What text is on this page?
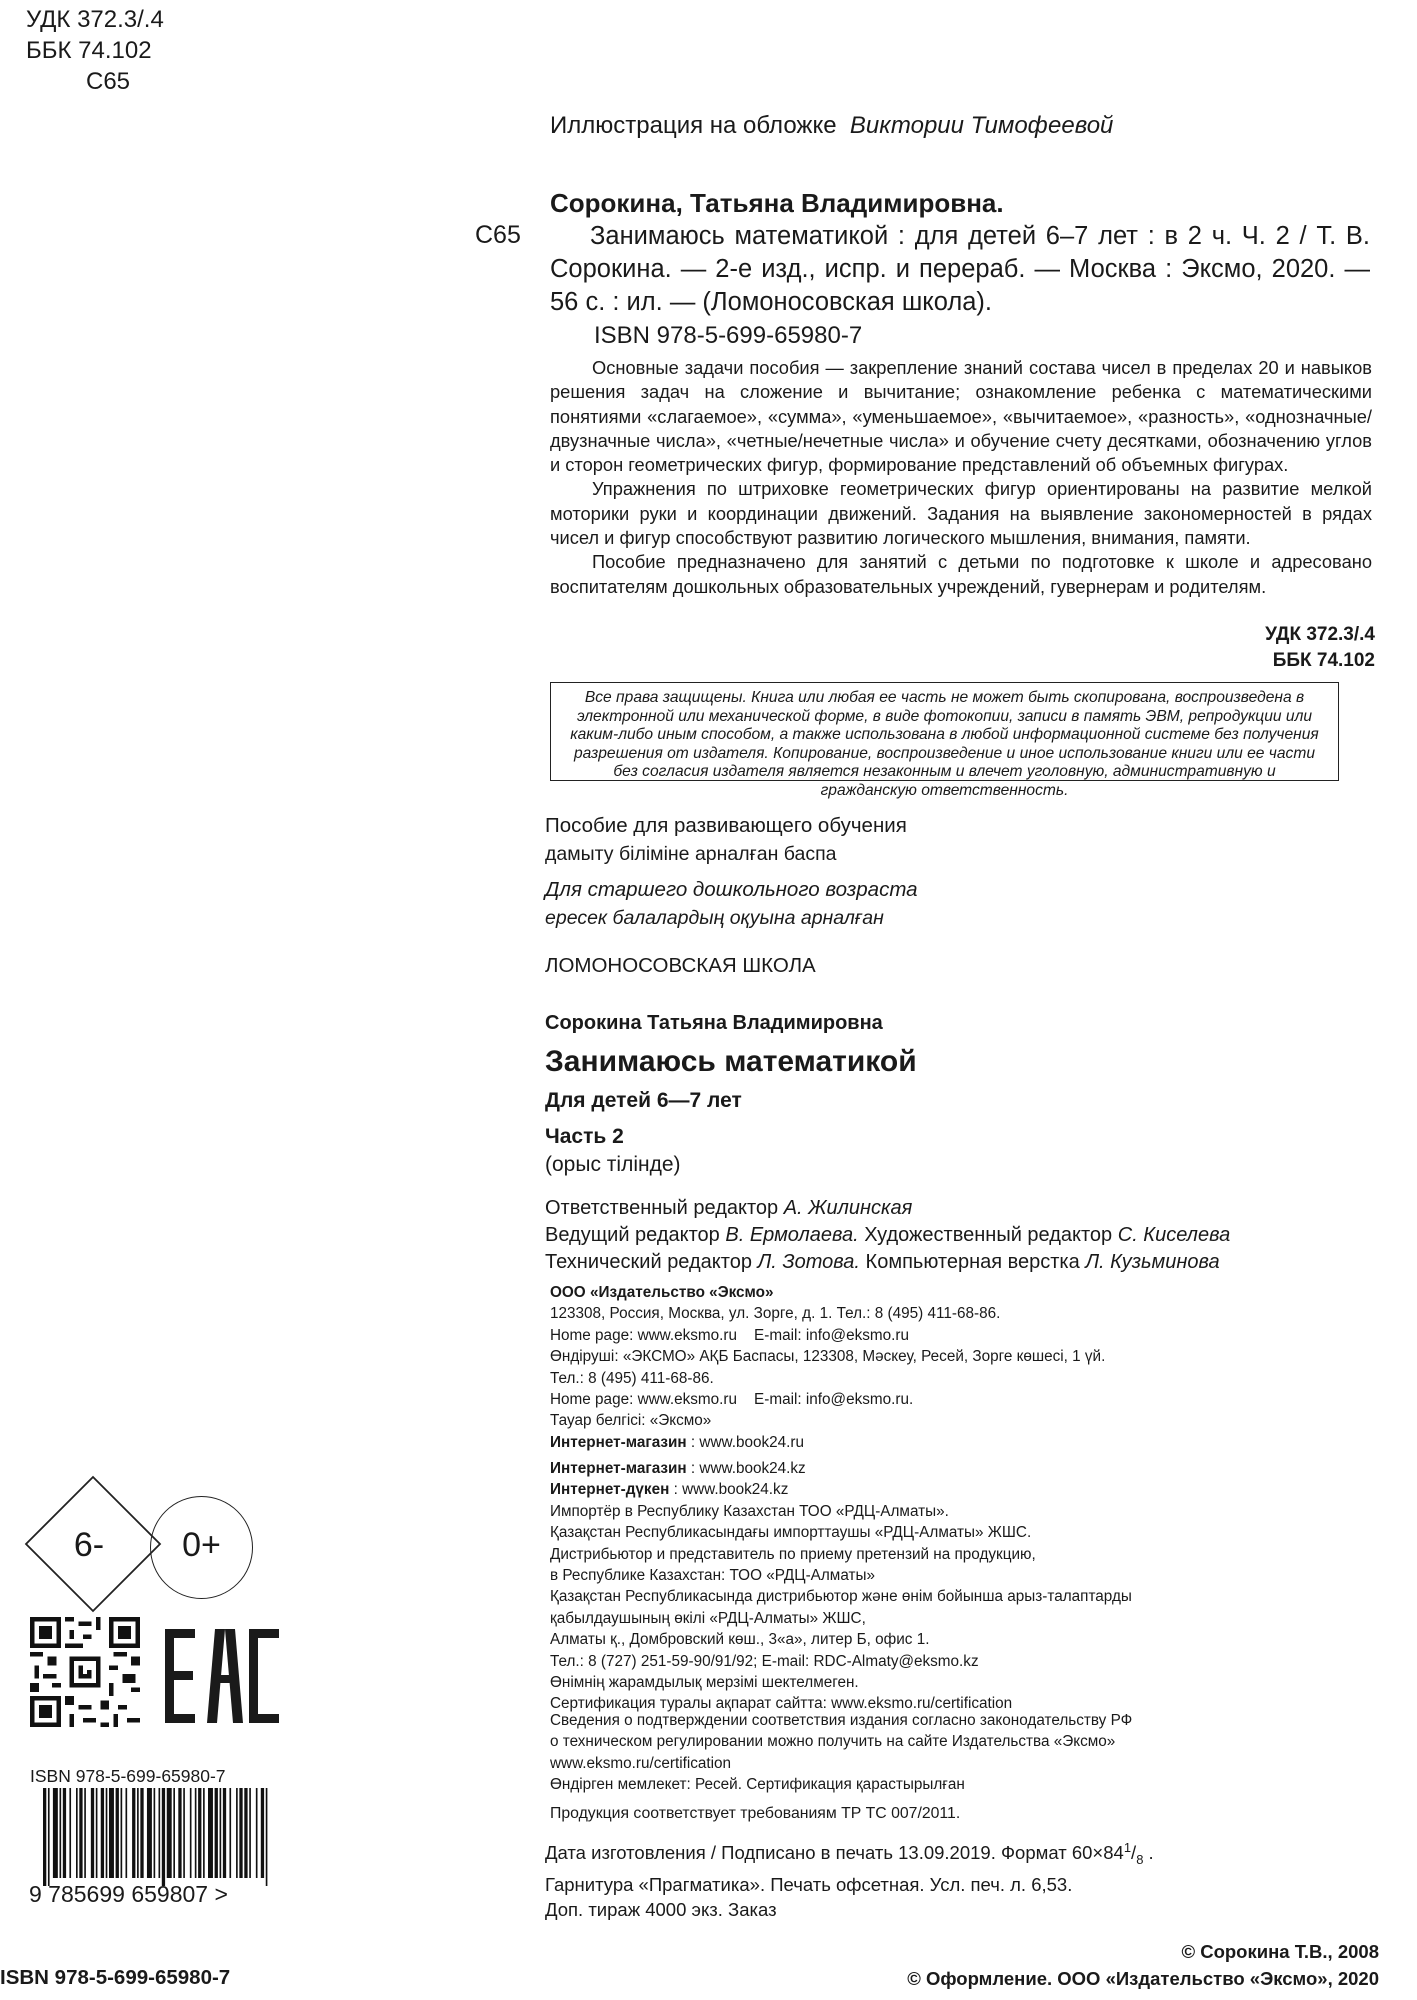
УДК 372.3/.4
ББК 74.102
С65
Иллюстрация на обложке Виктории Тимофеевой
Сорокина, Татьяна Владимировна.
С65	Занимаюсь математикой : для детей 6–7 лет : в 2 ч. Ч. 2 / Т. В. Сорокина. — 2-е изд., испр. и перераб. — Москва : Эксмо, 2020. — 56 с. : ил. — (Ломоносовская школа).
ISBN 978-5-699-65980-7

Основные задачи пособия — закрепление знаний состава чисел в пределах 20 и навыков решения задач на сложение и вычитание; ознакомление ребенка с математическими понятиями «слагаемое», «сумма», «уменьшаемое», «вычитаемое», «разность», «однозначные/двузначные числа», «четные/нечетные числа» и обучение счету десятками, обозначению углов и сторон геометрических фигур, формирование представлений об объемных фигурах.

Упражнения по штриховке геометрических фигур ориентированы на развитие мелкой моторики руки и координации движений. Задания на выявление закономерностей в рядах чисел и фигур способствуют развитию логического мышления, внимания, памяти.

Пособие предназначено для занятий с детьми по подготовке к школе и адресовано воспитателям дошкольных образовательных учреждений, гувернерам и родителям.

УДК 372.3/.4
ББК 74.102
Все права защищены. Книга или любая ее часть не может быть скопирована, воспроизведена в электронной или механической форме, в виде фотокопии, записи в память ЭВМ, репродукции или каким-либо иным способом, а также использована в любой информационной системе без получения разрешения от издателя. Копирование, воспроизведение и иное использование книги или ее части без согласия издателя является незаконным и влечет уголовную, административную и гражданскую ответственность.
Пособие для развивающего обучения
дамыту біліміне арналған баспа
Для старшего дошкольного возраста
ересек балалардың оқуына арналған
ЛОМОНОСОВСКАЯ ШКОЛА
Сорокина Татьяна Владимировна
Занимаюсь математикой
Для детей 6—7 лет
Часть 2
(орыс тілінде)
Ответственный редактор А. Жилинская
Ведущий редактор В. Ермолаева. Художественный редактор С. Киселева
Технический редактор Л. Зотова. Компьютерная верстка Л. Кузьминова
ООО «Издательство «Эксмо»
123308, Россия, Москва, ул. Зорге, д. 1. Тел.: 8 (495) 411-68-86.
Home page: www.eksmo.ru    E-mail: info@eksmo.ru
Өндіруші: «ЭКСМО» АҚБ Баспасы, 123308, Мәскеу, Ресей, Зорге көшесі, 1 үй.
Тел.: 8 (495) 411-68-86.
Home page: www.eksmo.ru    E-mail: info@eksmo.ru.
Тауар белгісі: «Эксмо»
Интернет-магазин : www.book24.ru
Интернет-магазин : www.book24.kz
Интернет-дүкен : www.book24.kz
Импортёр в Республику Казахстан ТОО «РДЦ-Алматы».
Қазақстан Республикасындағы импорттаушы «РДЦ-Алматы» ЖШС.
Дистрибьютор и представитель по приему претензий на продукцию,
в Республике Казахстан: ТОО «РДЦ-Алматы»
Қазақстан Республикасында дистрибьютор және өнім бойынша арыз-талаптарды
қабылдаушының өкілі «РДЦ-Алматы» ЖШС,
Алматы қ., Домбровский көш., 3«а», литер Б, офис 1.
Тел.: 8 (727) 251-59-90/91/92; E-mail: RDC-Almaty@eksmo.kz
Өнімнің жарамдылық мерзімі шектелмеген.
Сертификация туралы ақпарат сайтта: www.eksmo.ru/certification
Сведения о подтверждении соответствия издания согласно законодательству РФ
о техническом регулировании можно получить на сайте Издательства «Эксмо»
www.eksmo.ru/certification
Өндірген мемлекет: Ресей. Сертификация қарастырылған
Продукция соответствует требованиям ТР ТС 007/2011.
Дата изготовления / Подписано в печать 13.09.2019. Формат $60\times 84^1/_8$ .
Гарнитура «Прагматика». Печать офсетная. Усл. печ. л. 6,53.
Доп. тираж 4000 экз. Заказ
© Сорокина Т.В., 2008
© Оформление. ООО «Издательство «Эксмо», 2020
6-	0+
ISBN 978-5-699-65980-7
9 785699 659807 >
ISBN 978-5-699-65980-7
